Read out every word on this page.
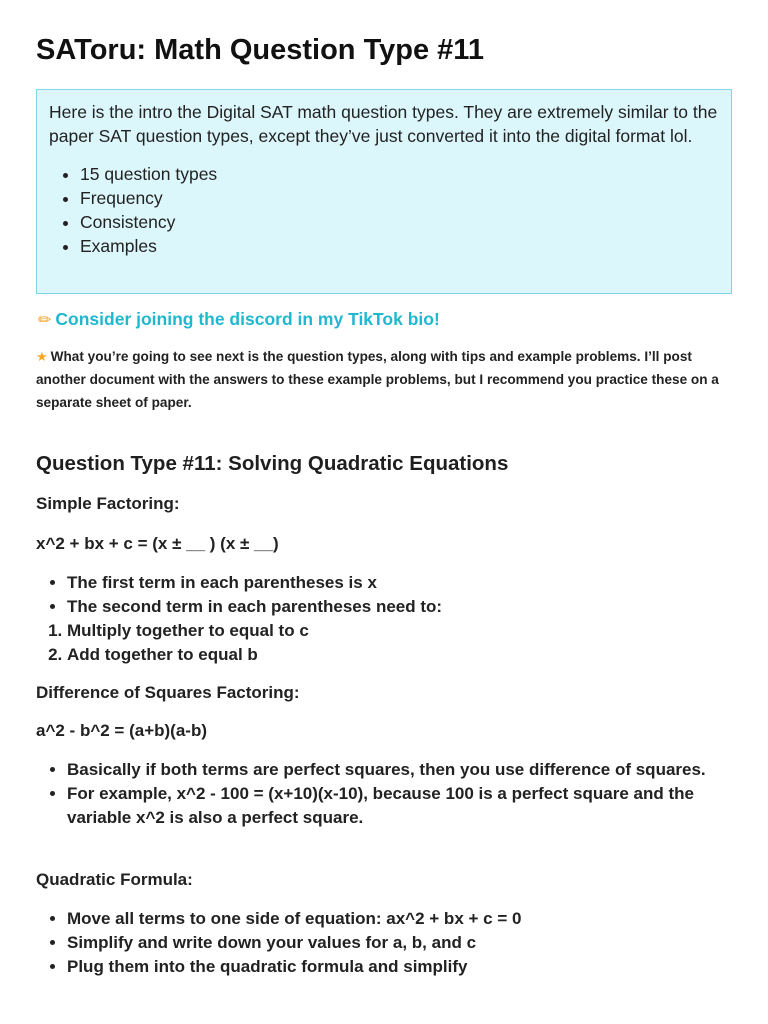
SAToru: Math Question Type #11

Here is the intro the Digital SAT math question types. They are extremely similar to the paper SAT question types, except they’ve just converted it into the digital format lol.

• 15 question types
• Frequency
• Consistency
• Examples
✏ Consider joining the discord in my TikTok bio!
★ What you’re going to see next is the question types, along with tips and example problems. I’ll post another document with the answers to these example problems, but I recommend you practice these on a separate sheet of paper.
Question Type #11: Solving Quadratic Equations
Simple Factoring:
x^2 + bx + c = (x ± __ ) (x ± __)
• The first term in each parentheses is x
• The second term in each parentheses need to:
1. Multiply together to equal to c
2. Add together to equal b
Difference of Squares Factoring:
a^2 - b^2 = (a+b)(a-b)
• Basically if both terms are perfect squares, then you use difference of squares.
• For example, x^2 - 100 = (x+10)(x-10), because 100 is a perfect square and the variable x^2 is also a perfect square.
Quadratic Formula:
• Move all terms to one side of equation: ax^2 + bx + c = 0
• Simplify and write down your values for a, b, and c
• Plug them into the quadratic formula and simplify
